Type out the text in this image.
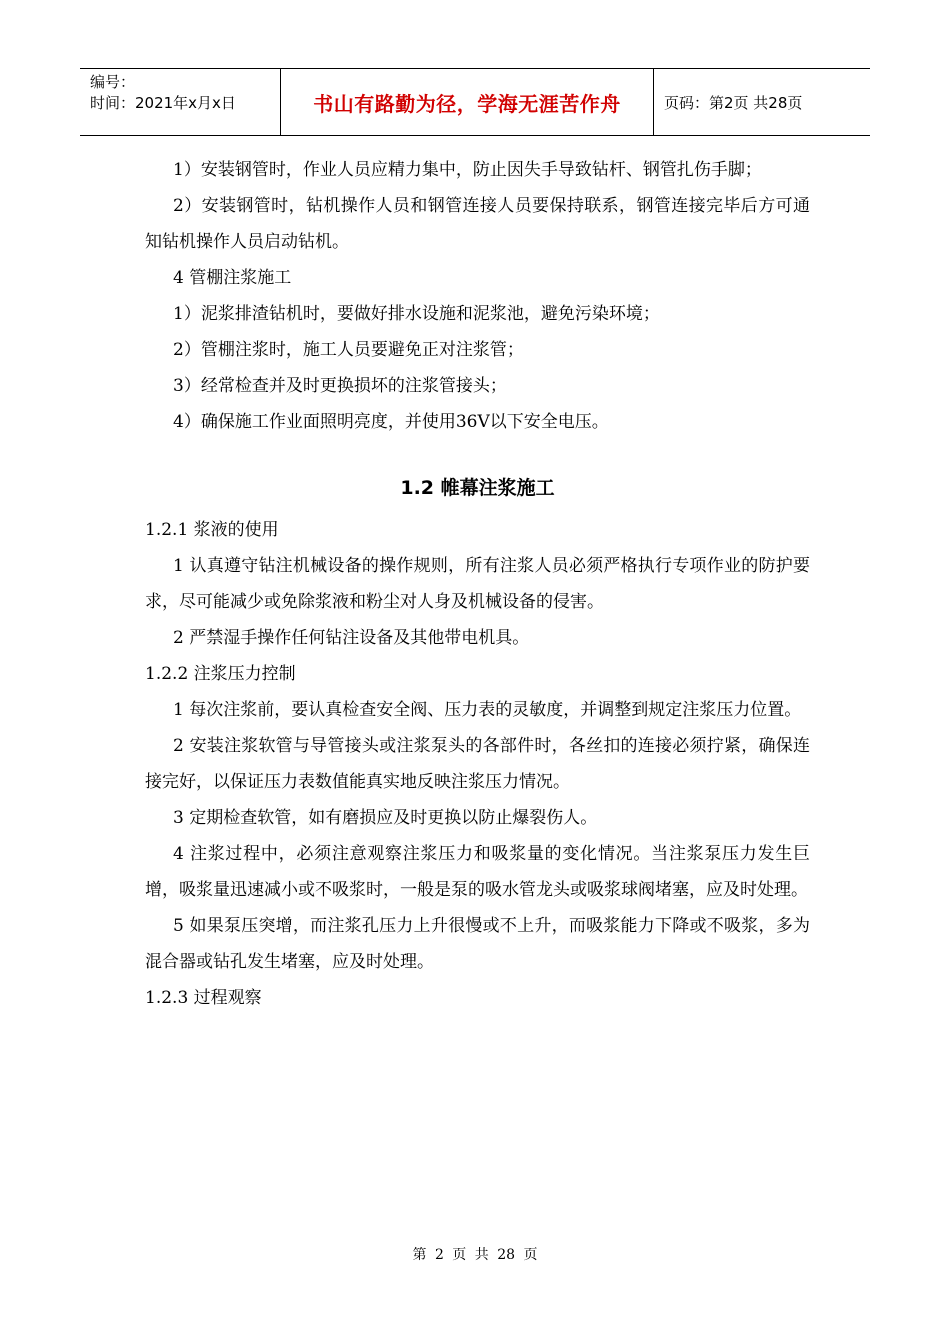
编号：
时间：2021年x月x日	书山有路勤为径，学海无涯苦作舟	页码：第2页 共28页

1）安装钢管时，作业人员应精力集中，防止因失手导致钻杆、钢管扎伤手脚；

2）安装钢管时，钻机操作人员和钢管连接人员要保持联系，钢管连接完毕后方可通知钻机操作人员启动钻机。

4 管棚注浆施工

1）泥浆排渣钻机时，要做好排水设施和泥浆池，避免污染环境；

2）管棚注浆时，施工人员要避免正对注浆管；

3）经常检查并及时更换损坏的注浆管接头；

4）确保施工作业面照明亮度，并使用36V以下安全电压。

1.2 帷幕注浆施工

1.2.1 浆液的使用

1 认真遵守钻注机械设备的操作规则，所有注浆人员必须严格执行专项作业的防护要求，尽可能减少或免除浆液和粉尘对人身及机械设备的侵害。

2 严禁湿手操作任何钻注设备及其他带电机具。

1.2.2 注浆压力控制

1 每次注浆前，要认真检查安全阀、压力表的灵敏度，并调整到规定注浆压力位置。

2 安装注浆软管与导管接头或注浆泵头的各部件时，各丝扣的连接必须拧紧，确保连接完好，以保证压力表数值能真实地反映注浆压力情况。

3 定期检查软管，如有磨损应及时更换以防止爆裂伤人。

4 注浆过程中，必须注意观察注浆压力和吸浆量的变化情况。当注浆泵压力发生巨增，吸浆量迅速减小或不吸浆时，一般是泵的吸水管龙头或吸浆球阀堵塞，应及时处理。

5 如果泵压突增，而注浆孔压力上升很慢或不上升，而吸浆能力下降或不吸浆，多为混合器或钻孔发生堵塞，应及时处理。

1.2.3 过程观察

第 2 页 共 28 页
